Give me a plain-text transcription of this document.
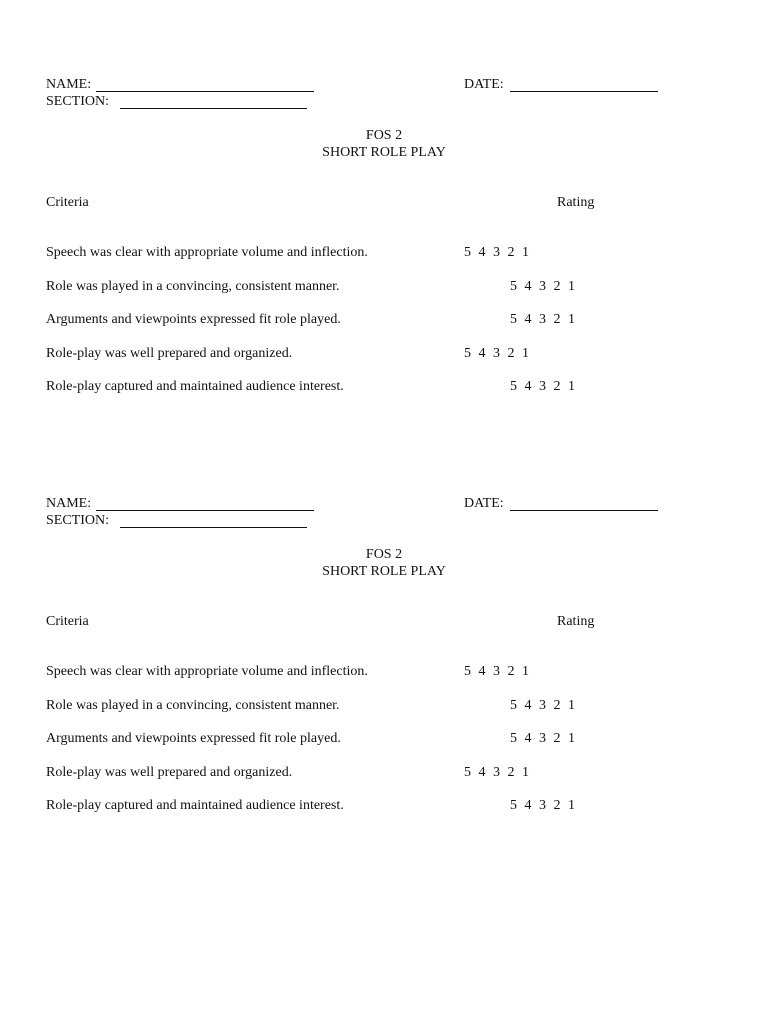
NAME:	DATE:
SECTION:
FOS 2
SHORT ROLE PLAY
Criteria	Rating
Speech was clear with appropriate volume and inflection.	5 4 3 2 1
Role was played in a convincing, consistent manner.	5 4 3 2 1
Arguments and viewpoints expressed fit role played.	5 4 3 2 1
Role-play was well prepared and organized.	5 4 3 2 1
Role-play captured and maintained audience interest.	5 4 3 2 1
NAME:	DATE:
SECTION:
FOS 2
SHORT ROLE PLAY
Criteria	Rating
Speech was clear with appropriate volume and inflection.	5 4 3 2 1
Role was played in a convincing, consistent manner.	5 4 3 2 1
Arguments and viewpoints expressed fit role played.	5 4 3 2 1
Role-play was well prepared and organized.	5 4 3 2 1
Role-play captured and maintained audience interest.	5 4 3 2 1
